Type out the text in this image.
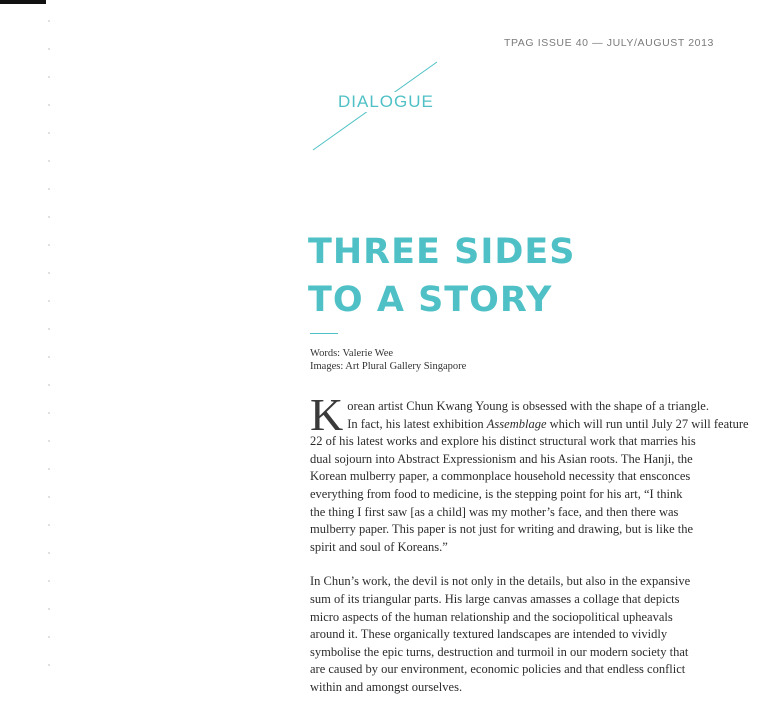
TPAG ISSUE 40 — JULY/AUGUST 2013
DIALOGUE
THREE SIDES
TO A STORY
Words: Valerie Wee
Images: Art Plural Gallery Singapore

K orean artist Chun Kwang Young is obsessed with the shape of a triangle.
In fact, his latest exhibition Assemblage which will run until July 27 will feature
22 of his latest works and explore his distinct structural work that marries his
dual sojourn into Abstract Expressionism and his Asian roots. The Hanji, the
Korean mulberry paper, a commonplace household necessity that ensconces
everything from food to medicine, is the stepping point for his art, “I think
the thing I first saw [as a child] was my mother’s face, and then there was
mulberry paper. This paper is not just for writing and drawing, but is like the
spirit and soul of Koreans.”

In Chun’s work, the devil is not only in the details, but also in the expansive
sum of its triangular parts. His large canvas amasses a collage that depicts
micro aspects of the human relationship and the sociopolitical upheavals
around it. These organically textured landscapes are intended to vividly
symbolise the epic turns, destruction and turmoil in our modern society that
are caused by our environment, economic policies and that endless conflict
within and amongst ourselves.
